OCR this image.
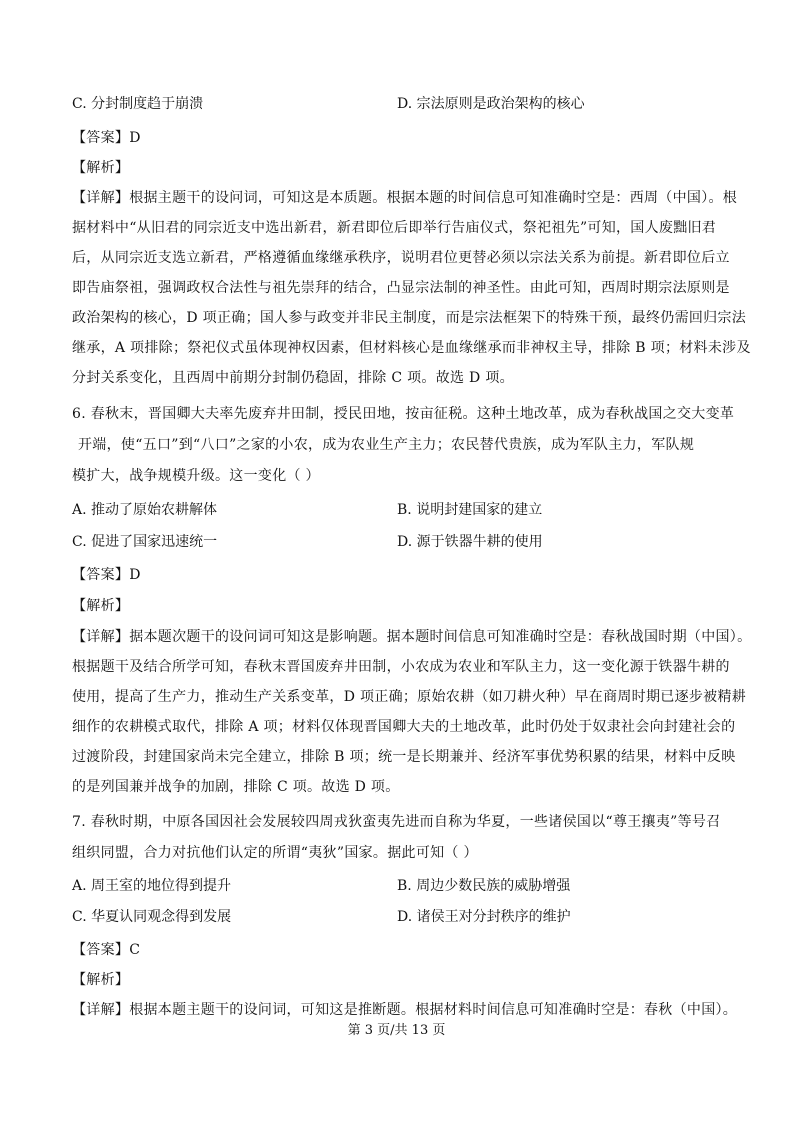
C. 分封制度趋于崩溃	D. 宗法原则是政治架构的核心
【答案】D
【解析】
【详解】根据主题干的设问词，可知这是本质题。根据本题的时间信息可知准确时空是：西周（中国）。根
据材料中“从旧君的同宗近支中选出新君，新君即位后即举行告庙仪式，祭祀祖先”可知，国人废黜旧君
后，从同宗近支选立新君，严格遵循血缘继承秩序，说明君位更替必须以宗法关系为前提。新君即位后立
即告庙祭祖，强调政权合法性与祖先崇拜的结合，凸显宗法制的神圣性。由此可知，西周时期宗法原则是
政治架构的核心，D 项正确；国人参与政变并非民主制度，而是宗法框架下的特殊干预，最终仍需回归宗法
继承，A 项排除；祭祀仪式虽体现神权因素，但材料核心是血缘继承而非神权主导，排除 B 项；材料未涉及
分封关系变化，且西周中前期分封制仍稳固，排除 C 项。故选 D 项。
6. 春秋末，晋国卿大夫率先废弃井田制，授民田地，按亩征税。这种土地改革，成为春秋战国之交大变革
开端，使“五口”到“八口”之家的小农，成为农业生产主力；农民替代贵族，成为军队主力，军队规
模扩大，战争规模升级。这一变化（ ）
A. 推动了原始农耕解体	B. 说明封建国家的建立
C. 促进了国家迅速统一	D. 源于铁器牛耕的使用
【答案】D
【解析】
【详解】据本题次题干的设问词可知这是影响题。据本题时间信息可知准确时空是：春秋战国时期（中国）。
根据题干及结合所学可知，春秋末晋国废弃井田制，小农成为农业和军队主力，这一变化源于铁器牛耕的
使用，提高了生产力，推动生产关系变革，D 项正确；原始农耕（如刀耕火种）早在商周时期已逐步被精耕
细作的农耕模式取代，排除 A 项；材料仅体现晋国卿大夫的土地改革，此时仍处于奴隶社会向封建社会的
过渡阶段，封建国家尚未完全建立，排除 B 项；统一是长期兼并、经济军事优势积累的结果，材料中反映
的是列国兼并战争的加剧，排除 C 项。故选 D 项。
7. 春秋时期，中原各国因社会发展较四周戎狄蛮夷先进而自称为华夏，一些诸侯国以“尊王攘夷”等号召
组织同盟，合力对抗他们认定的所谓“夷狄”国家。据此可知（ ）
A. 周王室的地位得到提升	B. 周边少数民族的威胁增强
C. 华夏认同观念得到发展	D. 诸侯王对分封秩序的维护
【答案】C
【解析】
【详解】根据本题主题干的设问词，可知这是推断题。根据材料时间信息可知准确时空是：春秋（中国）。
第 3 页/共 13 页
